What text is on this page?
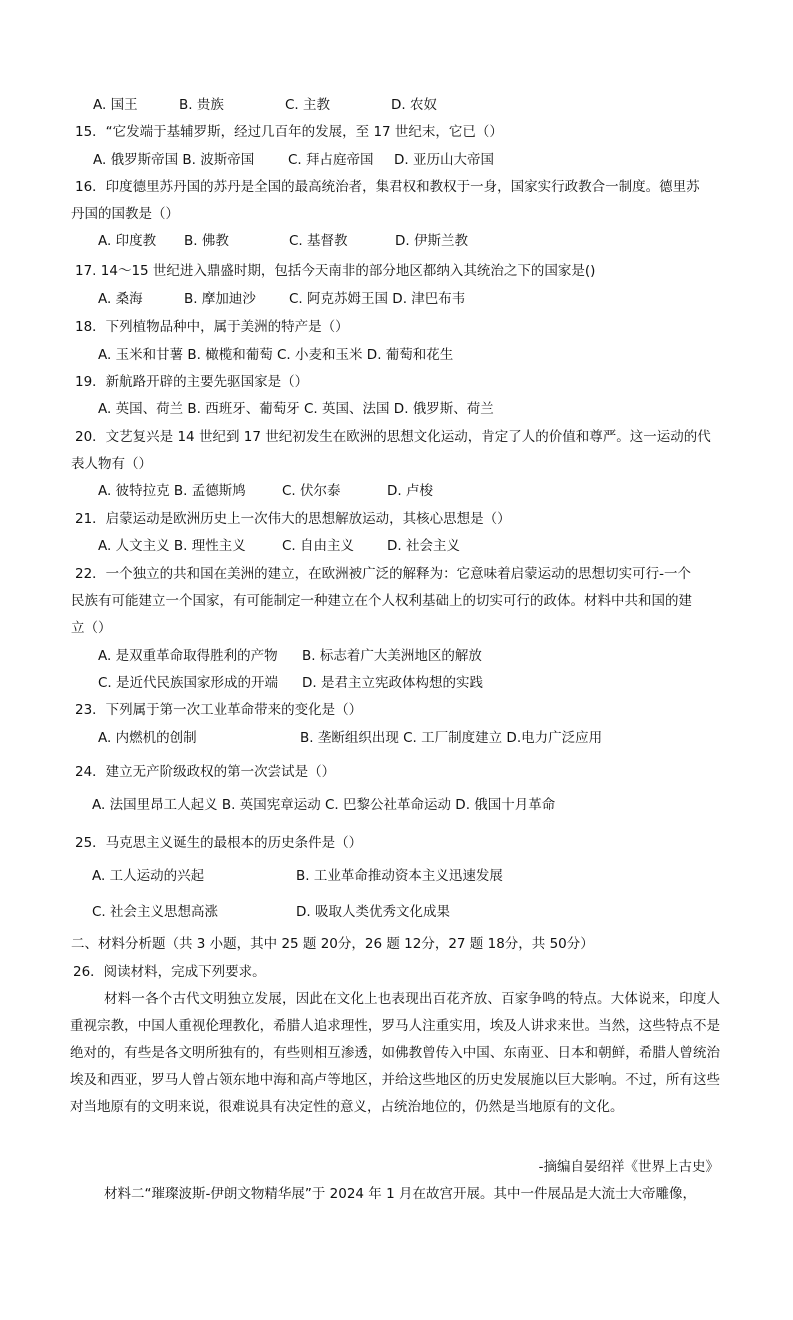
A. 国王	B. 贵族	C. 主教	D. 农奴
15．“它发端于基辅罗斯，经过几百年的发展，至 17 世纪末，它已（）
A. 俄罗斯帝国 B. 波斯帝国	C. 拜占庭帝国 D. 亚历山大帝国
16．印度德里苏丹国的苏丹是全国的最高统治者，集君权和教权于一身，国家实行政教合一制度。德里苏
丹国的国教是（）
A. 印度教 B. 佛教	C. 基督教	D. 伊斯兰教
17. 14～15 世纪进入鼎盛时期，包括今天南非的部分地区都纳入其统治之下的国家是()
A. 桑海	B. 摩加迪沙 C. 阿克苏姆王国 D. 津巴布韦
18．下列植物品种中，属于美洲的特产是（）
A. 玉米和甘薯 B. 橄榄和葡萄 C. 小麦和玉米 D. 葡萄和花生
19．新航路开辟的主要先驱国家是（）
A. 英国、荷兰 B. 西班牙、葡萄牙 C. 英国、法国 D. 俄罗斯、荷兰
20．文艺复兴是 14 世纪到 17 世纪初发生在欧洲的思想文化运动，肯定了人的价值和尊严。这一运动的代
表人物有（）
A. 彼特拉克 B. 孟德斯鸠	C. 伏尔泰	D. 卢梭
21．启蒙运动是欧洲历史上一次伟大的思想解放运动，其核心思想是（）
A. 人文主义 B. 理性主义	C. 自由主义 D. 社会主义
22．一个独立的共和国在美洲的建立，在欧洲被广泛的解释为：它意味着启蒙运动的思想切实可行-一个
民族有可能建立一个国家，有可能制定一种建立在个人权利基础上的切实可行的政体。材料中共和国的建
立（）
A. 是双重革命取得胜利的产物 B. 标志着广大美洲地区的解放
C. 是近代民族国家形成的开端 D. 是君主立宪政体构想的实践
23．下列属于第一次工业革命带来的变化是（）
A. 内燃机的创制	B. 垄断组织出现 C. 工厂制度建立 D.电力广泛应用
24．建立无产阶级政权的第一次尝试是（）
A. 法国里昂工人起义 B. 英国宪章运动 C. 巴黎公社革命运动 D. 俄国十月革命
25．马克思主义诞生的最根本的历史条件是（）
A. 工人运动的兴起	B. 工业革命推动资本主义迅速发展
C. 社会主义思想高涨	D. 吸取人类优秀文化成果
二、材料分析题（共 3 小题，其中 25 题 20分，26 题 12分，27 题 18分，共 50分）
26．阅读材料，完成下列要求。
材料一各个古代文明独立发展，因此在文化上也表现出百花齐放、百家争鸣的特点。大体说来，印度人重视宗教，中国人重视伦理教化，希腊人追求理性，罗马人注重实用，埃及人讲求来世。当然，这些特点不是绝对的，有些是各文明所独有的，有些则相互渗透，如佛教曾传入中国、东南亚、日本和朝鲜，希腊人曾统治埃及和西亚，罗马人曾占领东地中海和高卢等地区，并给这些地区的历史发展施以巨大影响。不过，所有这些对当地原有的文明来说，很难说具有决定性的意义，占统治地位的，仍然是当地原有的文化。
-摘编自晏绍祥《世界上古史》
材料二“璀璨波斯-伊朗文物精华展”于 2024 年 1 月在故宫开展。其中一件展品是大流士大帝雕像，
